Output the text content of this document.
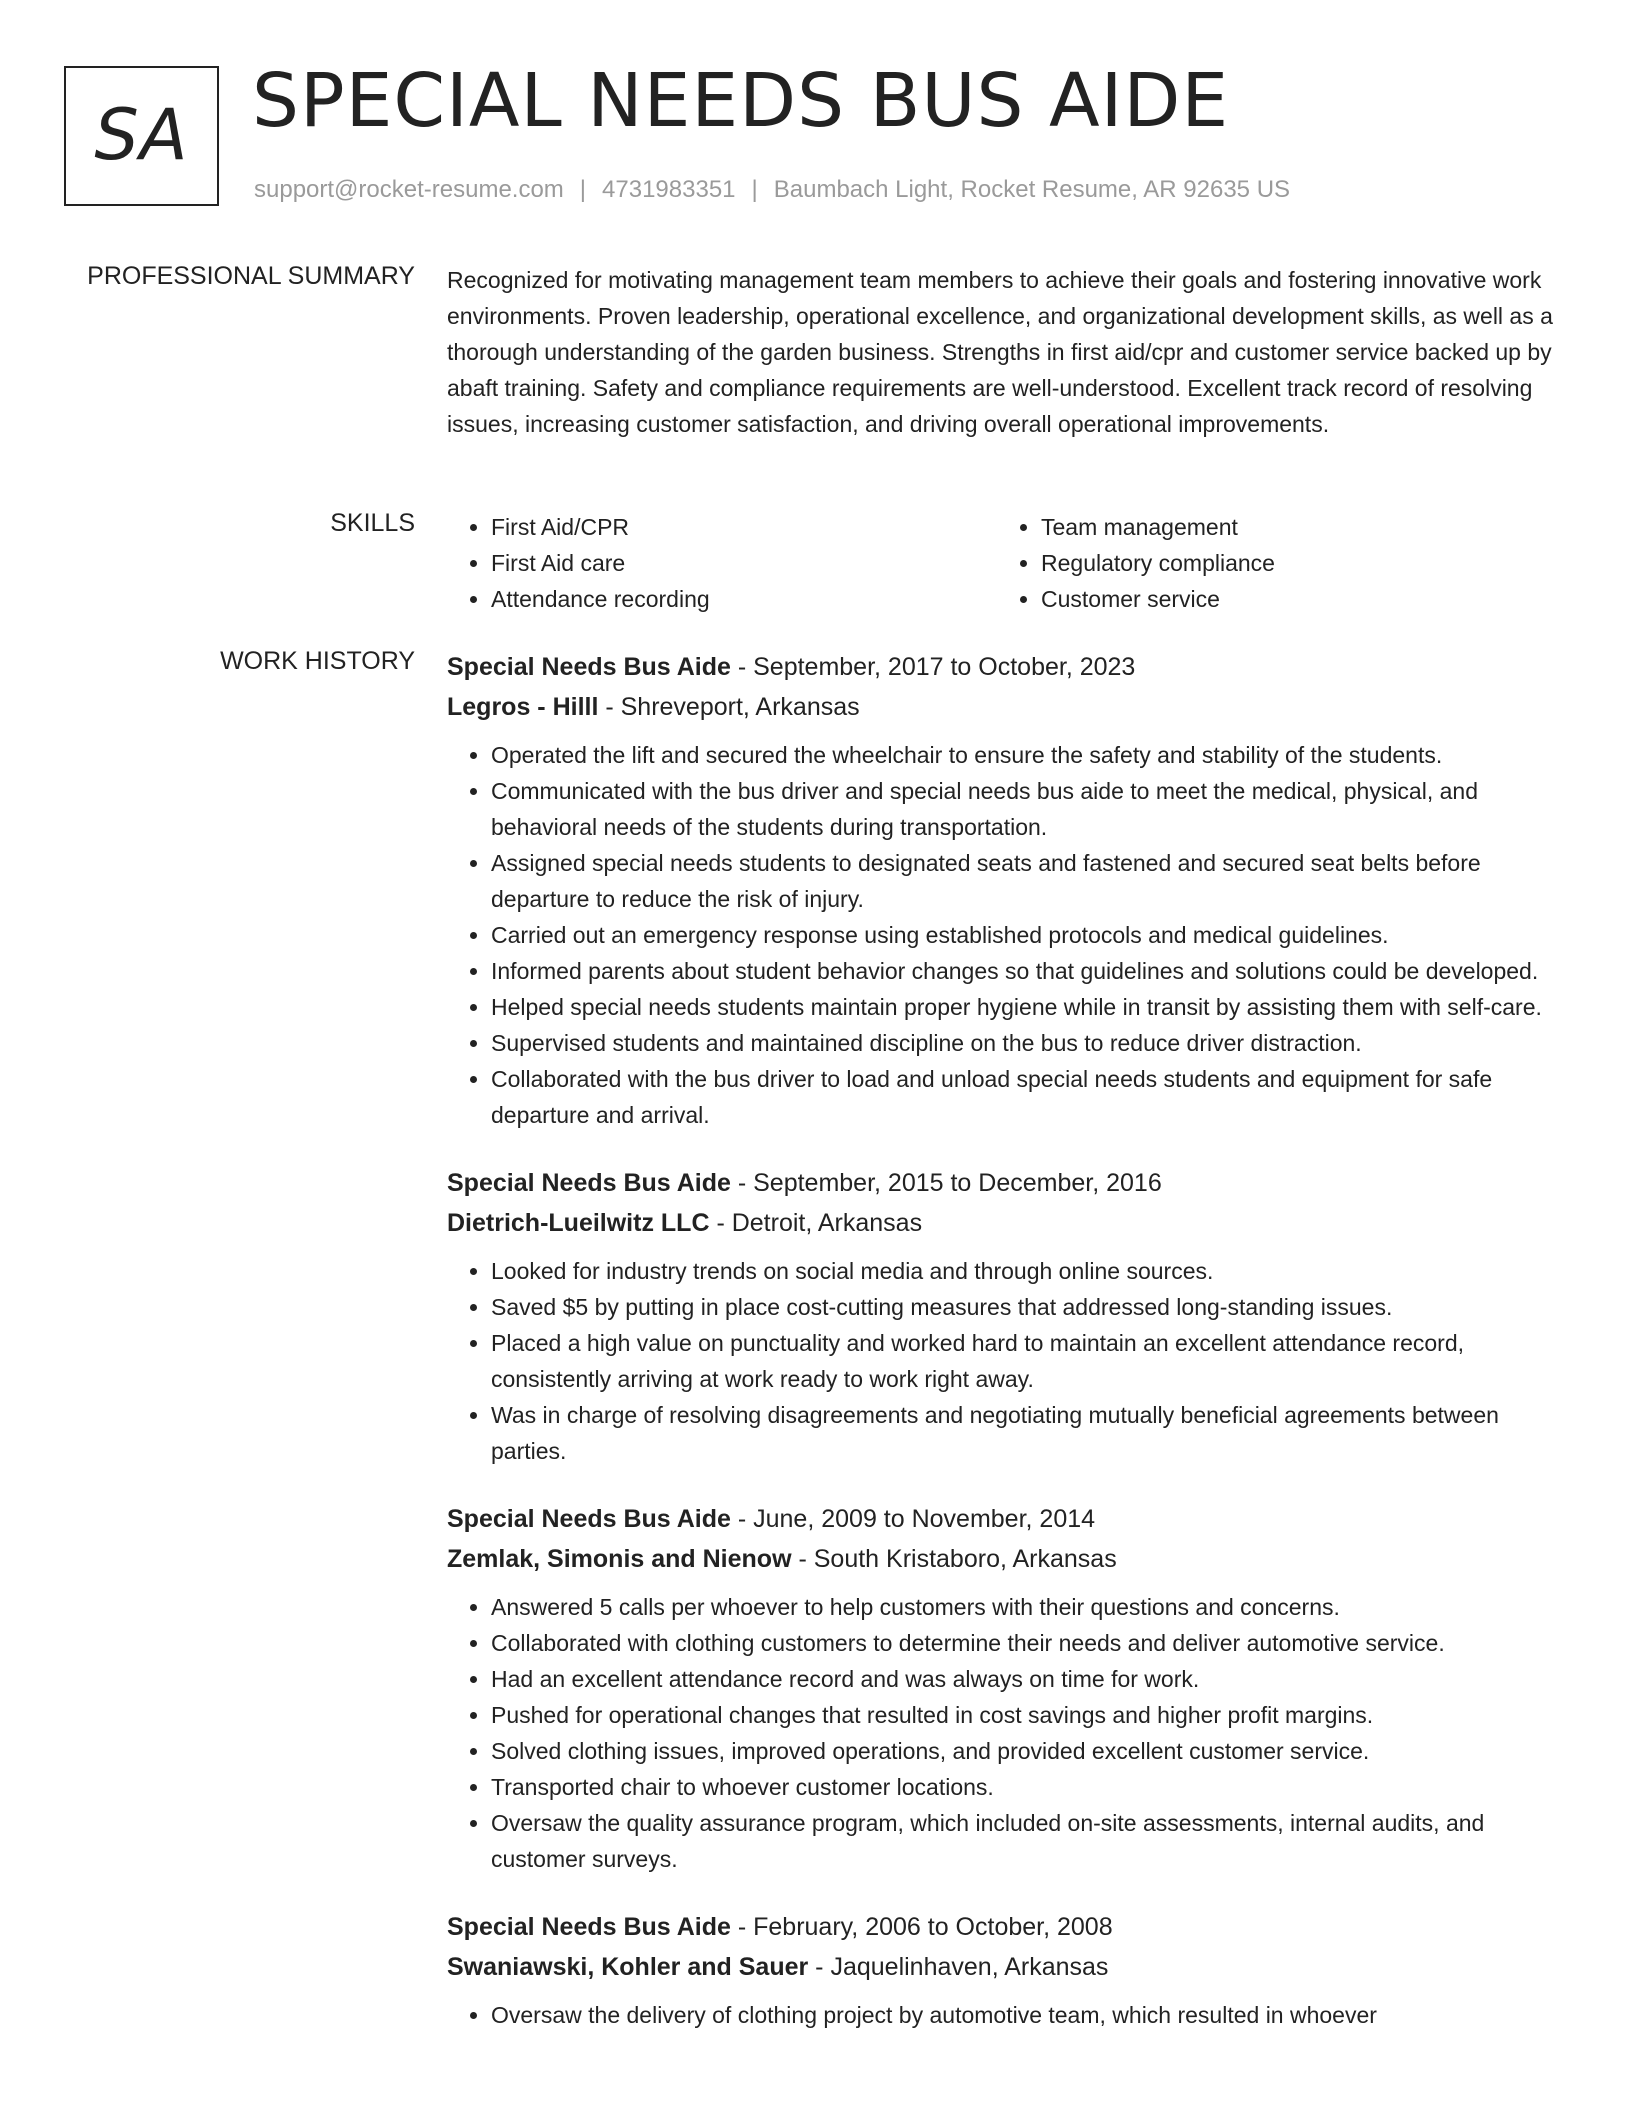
SA SPECIAL NEEDS BUS AIDE
support@rocket-resume.com | 4731983351 | Baumbach Light, Rocket Resume, AR 92635 US
PROFESSIONAL SUMMARY Recognized for motivating management team members to achieve their goals and fostering innovative work environments. Proven leadership, operational excellence, and organizational development skills, as well as a thorough understanding of the garden business. Strengths in first aid/cpr and customer service backed up by abaft training. Safety and compliance requirements are well-understood. Excellent track record of resolving issues, increasing customer satisfaction, and driving overall operational improvements.

SKILLS
•	First Aid/CPR
• First Aid care
• Attendance recording
• Team management
• Regulatory compliance
• Customer service
WORK HISTORY Special Needs Bus Aide - September, 2017 to October, 2023
Legros - Hilll - Shreveport, Arkansas
• Operated the lift and secured the wheelchair to ensure the safety and stability of the students.
• Communicated with the bus driver and special needs bus aide to meet the medical, physical, and behavioral needs of the students during transportation.
• Assigned special needs students to designated seats and fastened and secured seat belts before departure to reduce the risk of injury.
• Carried out an emergency response using established protocols and medical guidelines.
• Informed parents about student behavior changes so that guidelines and solutions could be developed.
• Helped special needs students maintain proper hygiene while in transit by assisting them with self-care.
• Supervised students and maintained discipline on the bus to reduce driver distraction.
• Collaborated with the bus driver to load and unload special needs students and equipment for safe departure and arrival.
Special Needs Bus Aide - September, 2015 to December, 2016
Dietrich-Lueilwitz LLC - Detroit, Arkansas
• Looked for industry trends on social media and through online sources.
• Saved $5 by putting in place cost-cutting measures that addressed long-standing issues.
• Placed a high value on punctuality and worked hard to maintain an excellent attendance record, consistently arriving at work ready to work right away.
• Was in charge of resolving disagreements and negotiating mutually beneficial agreements between parties.
Special Needs Bus Aide - June, 2009 to November, 2014
Zemlak, Simonis and Nienow - South Kristaboro, Arkansas
• Answered 5 calls per whoever to help customers with their questions and concerns.
• Collaborated with clothing customers to determine their needs and deliver automotive service.
• Had an excellent attendance record and was always on time for work.
• Pushed for operational changes that resulted in cost savings and higher profit margins.
• Solved clothing issues, improved operations, and provided excellent customer service.
• Transported chair to whoever customer locations.
• Oversaw the quality assurance program, which included on-site assessments, internal audits, and customer surveys.
Special Needs Bus Aide - February, 2006 to October, 2008
Swaniawski, Kohler and Sauer - Jaquelinhaven, Arkansas
• Oversaw the delivery of clothing project by automotive team, which resulted in whoever
